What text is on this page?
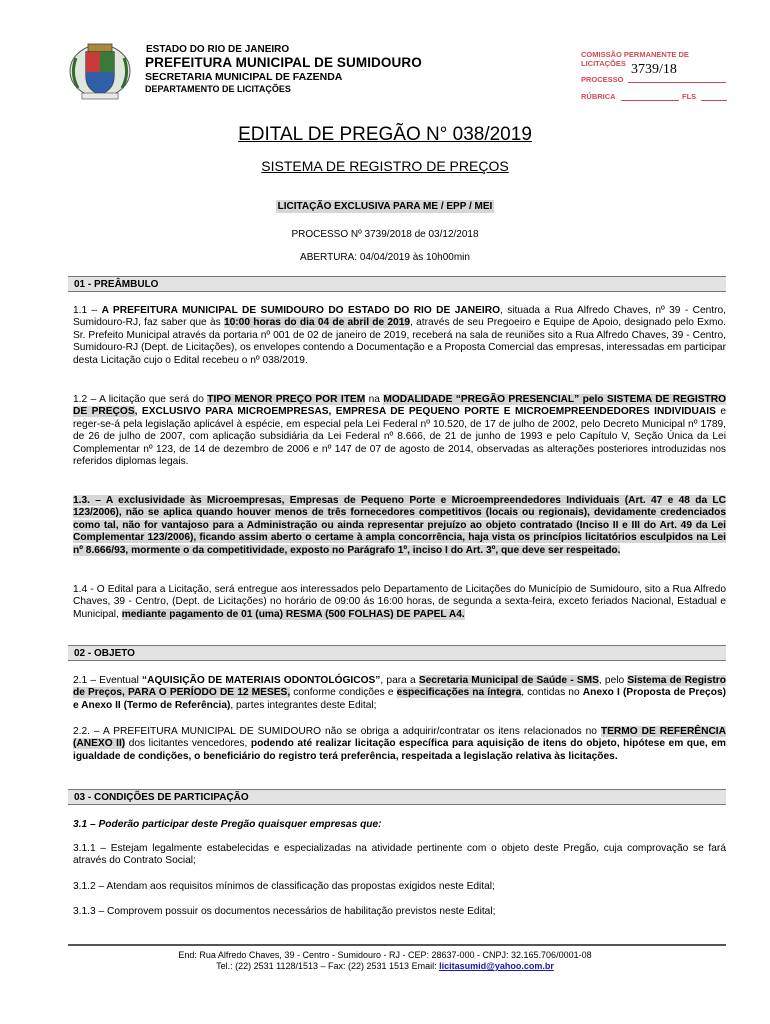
ESTADO DO RIO DE JANEIRO
PREFEITURA MUNICIPAL DE SUMIDOURO
SECRETARIA MUNICIPAL DE FAZENDA
DEPARTAMENTO DE LICITAÇÕES
COMISSÃO PERMANENTE DE
LICITAÇÕES 3739/18
PROCESSO
RÚBRICA	FLS
EDITAL DE PREGÃO N° 038/2019
SISTEMA DE REGISTRO DE PREÇOS
LICITAÇÃO EXCLUSIVA PARA ME / EPP / MEI
PROCESSO Nº 3739/2018 de 03/12/2018
ABERTURA: 04/04/2019 às 10h00min
01 - PREÂMBULO
1.1 – A PREFEITURA MUNICIPAL DE SUMIDOURO DO ESTADO DO RIO DE JANEIRO, situada a Rua Alfredo Chaves, nº 39 - Centro, Sumidouro-RJ, faz saber que às 10:00 horas do dia 04 de abril de 2019, através de seu Pregoeiro e Equipe de Apoio, designado pelo Exmo. Sr. Prefeito Municipal através da portaria nº 001 de 02 de janeiro de 2019, receberá na sala de reuniões sito a Rua Alfredo Chaves, 39 - Centro, Sumidouro-RJ (Dept. de Licitações), os envelopes contendo a Documentação e a Proposta Comercial das empresas, interessadas em participar desta Licitação cujo o Edital recebeu o nº 038/2019.
1.2 – A licitação que será do TIPO MENOR PREÇO POR ITEM na MODALIDADE “PREGÃO PRESENCIAL” pelo SISTEMA DE REGISTRO DE PREÇOS, EXCLUSIVO PARA MICROEMPRESAS, EMPRESA DE PEQUENO PORTE E MICROEMPREENDEDORES INDIVIDUAIS e reger-se-á pela legislação aplicável à espécie, em especial pela Lei Federal nº 10.520, de 17 de julho de 2002, pelo Decreto Municipal nº 1789, de 26 de julho de 2007, com aplicação subsidiária da Lei Federal nº 8.666, de 21 de junho de 1993 e pelo Capítulo V, Seção Única da Lei Complementar nº 123, de 14 de dezembro de 2006 e nº 147 de 07 de agosto de 2014, observadas as alterações posteriores introduzidas nos referidos diplomas legais.
1.3. – A exclusividade às Microempresas, Empresas de Pequeno Porte e Microempreendedores Individuais (Art. 47 e 48 da LC 123/2006), não se aplica quando houver menos de três fornecedores competitivos (locais ou regionais), devidamente credenciados como tal, não for vantajoso para a Administração ou ainda representar prejuízo ao objeto contratado (Inciso II e III do Art. 49 da Lei Complementar 123/2006), ficando assim aberto o certame à ampla concorrência, haja vista os princípios licitatórios esculpidos na Lei nº 8.666/93, mormente o da competitividade, exposto no Parágrafo 1º, inciso I do Art. 3º, que deve ser respeitado.
1.4 - O Edital para a Licitação, será entregue aos interessados pelo Departamento de Licitações do Município de Sumidouro, sito a Rua Alfredo Chaves, 39 - Centro, (Dept. de Licitações) no horário de 09:00 ás 16:00 horas, de segunda a sexta-feira, exceto feriados Nacional, Estadual e Municipal, mediante pagamento de 01 (uma) RESMA (500 FOLHAS) DE PAPEL A4.
02 - OBJETO
2.1 – Eventual “AQUISIÇÃO DE MATERIAIS ODONTOLÓGICOS”, para a Secretaria Municipal de Saúde - SMS, pelo Sistema de Registro de Preços, PARA O PERÍODO DE 12 MESES, conforme condições e especificações na íntegra, contidas no Anexo I (Proposta de Preços) e Anexo II (Termo de Referência), partes integrantes deste Edital;
2.2. – A PREFEITURA MUNICIPAL DE SUMIDOURO não se obriga a adquirir/contratar os itens relacionados no TERMO DE REFERÊNCIA (ANEXO II) dos licitantes vencedores, podendo até realizar licitação específica para aquisição de itens do objeto, hipótese em que, em igualdade de condições, o beneficiário do registro terá preferência, respeitada a legislação relativa às licitações.
03 - CONDIÇÕES DE PARTICIPAÇÃO
3.1 – Poderão participar deste Pregão quaisquer empresas que:
3.1.1 – Estejam legalmente estabelecidas e especializadas na atividade pertinente com o objeto deste Pregão, cuja comprovação se fará através do Contrato Social;
3.1.2 – Atendam aos requisitos mínimos de classificação das propostas exigidos neste Edital;
3.1.3 – Comprovem possuir os documentos necessários de habilitação previstos neste Edital;
End: Rua Alfredo Chaves, 39 - Centro - Sumidouro - RJ - CEP: 28637-000 - CNPJ: 32.165.706/0001-08
Tel.: (22) 2531 1128/1513 – Fax: (22) 2531 1513 Email: licitasumid@yahoo.com.br
